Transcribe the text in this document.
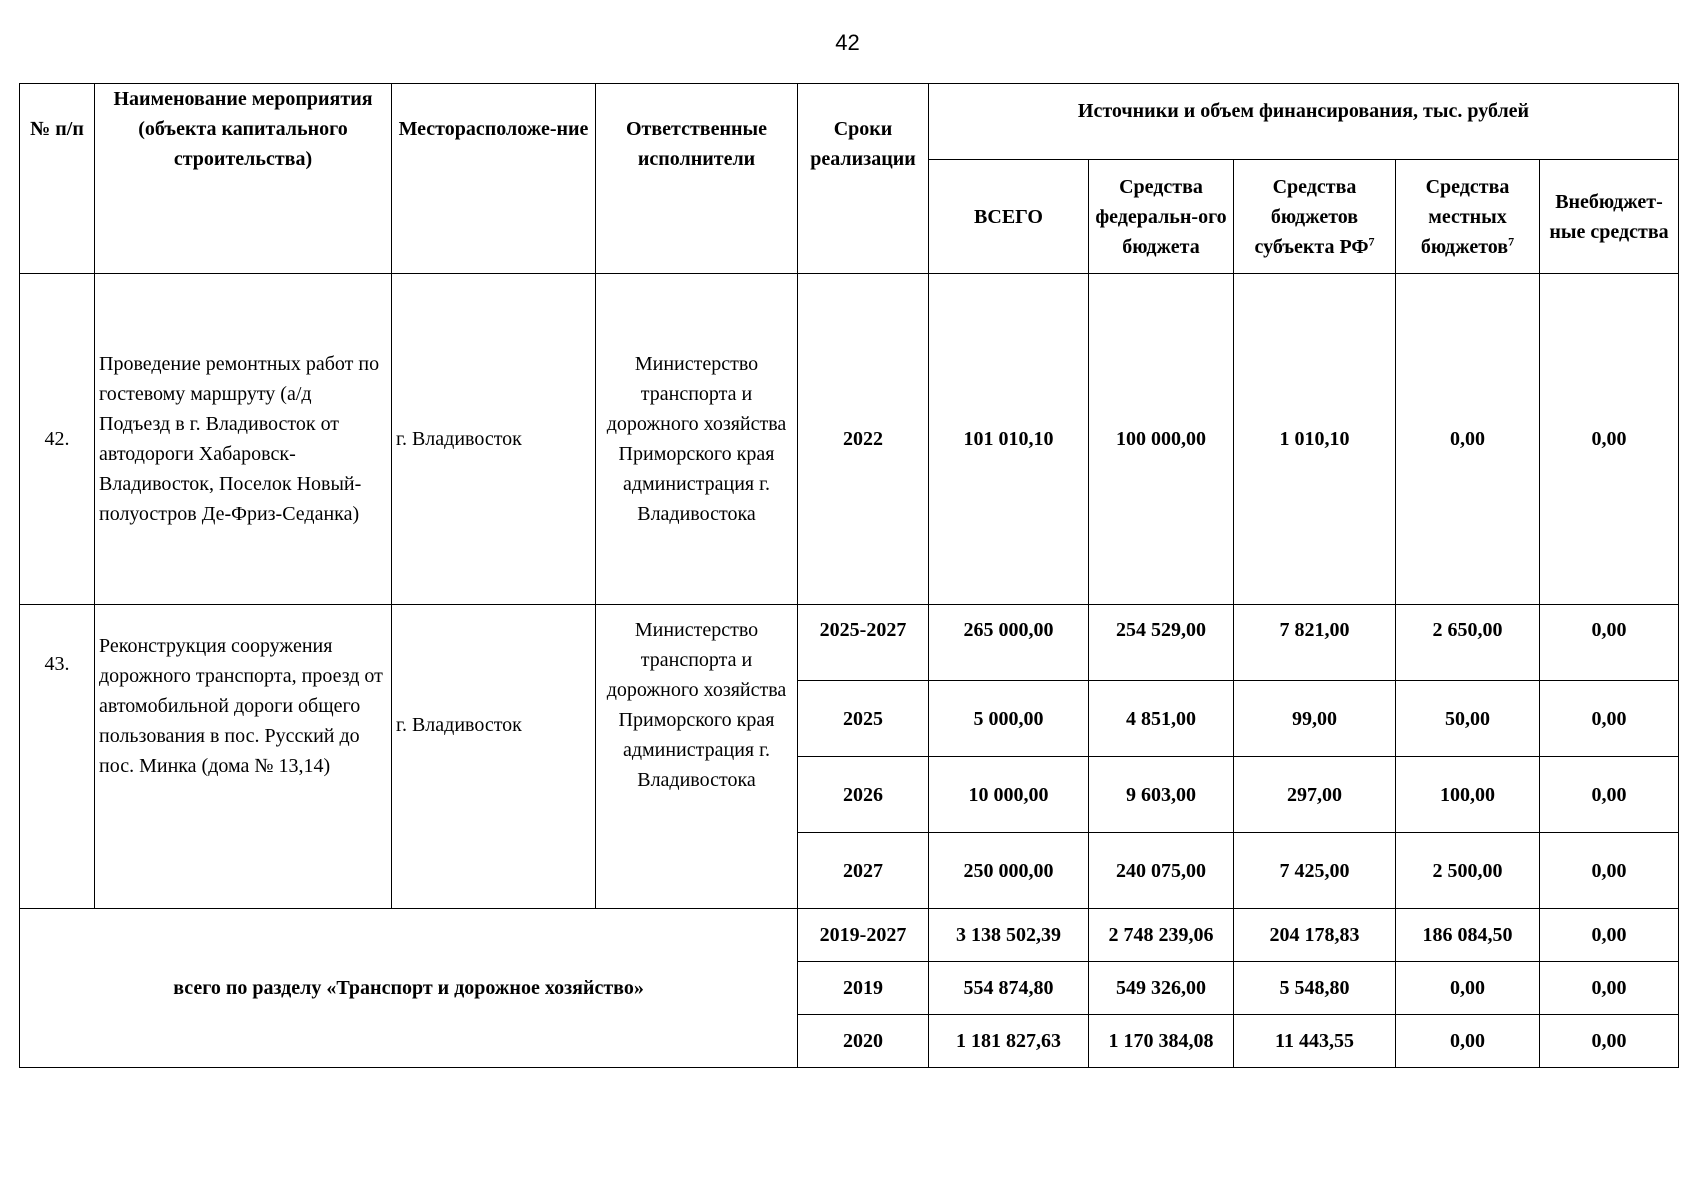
42
№ п/п	Наименование мероприятия (объекта капитального строительства)	Месторасположе-ние	Ответственные исполнители	Сроки реализации	Источники и объем финансирования, тыс. рублей				
					ВСЕГО	Средства федеральн-ого бюджета	Средства бюджетов субъекта $РФ^7$	Средства местных бюджетов$^7$	Внебюджет-ные средства
42.	Проведение ремонтных работ по гостевому маршруту (а/д Подъезд в г. Владивосток от автодороги Хабаровск-Владивосток, Поселок Новый-полуостров Де-Фриз-Седанка)	г. Владивосток	Министерство транспорта и дорожного хозяйства Приморского края администрация г. Владивостока	2022	101 010,10	100 000,00	1 010,10	0,00	0,00
43.	Реконструкция сооружения дорожного транспорта, проезд от автомобильной дороги общего пользования в пос. Русский до пос. Минка (дома № 13,14)	г. Владивосток	Министерство транспорта и дорожного хозяйства Приморского края администрация г. Владивостока	2025-2027	265 000,00	254 529,00	7 821,00	2 650,00	0,00
				2025	5 000,00	4 851,00	99,00	50,00	0,00
				2026	10 000,00	9 603,00	297,00	100,00	0,00
				2027	250 000,00	240 075,00	7 425,00	2 500,00	0,00
всего по разделу «Транспорт и дорожное хозяйство»				2019-2027	3 138 502,39	2 748 239,06	204 178,83	186 084,50	0,00
				2019	554 874,80	549 326,00	5 548,80	0,00	0,00
				2020	1 181 827,63	1 170 384,08	11 443,55	0,00	0,00
